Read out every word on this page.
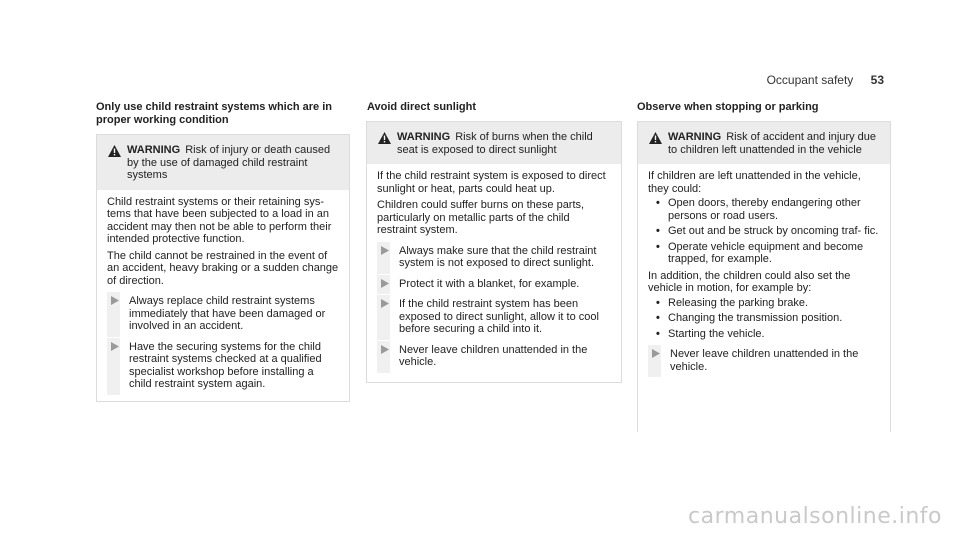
Occupant safety 53
Only use child restraint systems which are in proper working condition
WARNING Risk of injury or death caused by the use of damaged child restraint systems

Child restraint systems or their retaining sys- tems that have been subjected to a load in an accident may then not be able to perform their intended protective function.

The child cannot be restrained in the event of an accident, heavy braking or a sudden change of direction.

Always replace child restraint systems immediately that have been damaged or involved in an accident.
Have the securing systems for the child restraint systems checked at a qualified specialist workshop before installing a child restraint system again.
Avoid direct sunlight
WARNING Risk of burns when the child seat is exposed to direct sunlight

If the child restraint system is exposed to direct sunlight or heat, parts could heat up.

Children could suffer burns on these parts, particularly on metallic parts of the child restraint system.

Always make sure that the child restraint system is not exposed to direct sunlight.
Protect it with a blanket, for example.
If the child restraint system has been exposed to direct sunlight, allow it to cool before securing a child into it.
Never leave children unattended in the vehicle.
Observe when stopping or parking
WARNING Risk of accident and injury due to children left unattended in the vehicle

If children are left unattended in the vehicle, they could:

• Open doors, thereby endangering other persons or road users.
• Get out and be struck by oncoming traf- fic.
• Operate vehicle equipment and become trapped, for example.

In addition, the children could also set the vehicle in motion, for example by:

• Releasing the parking brake.
• Changing the transmission position.
• Starting the vehicle.
Never leave children unattended in the vehicle.
carmanualsonline.info
